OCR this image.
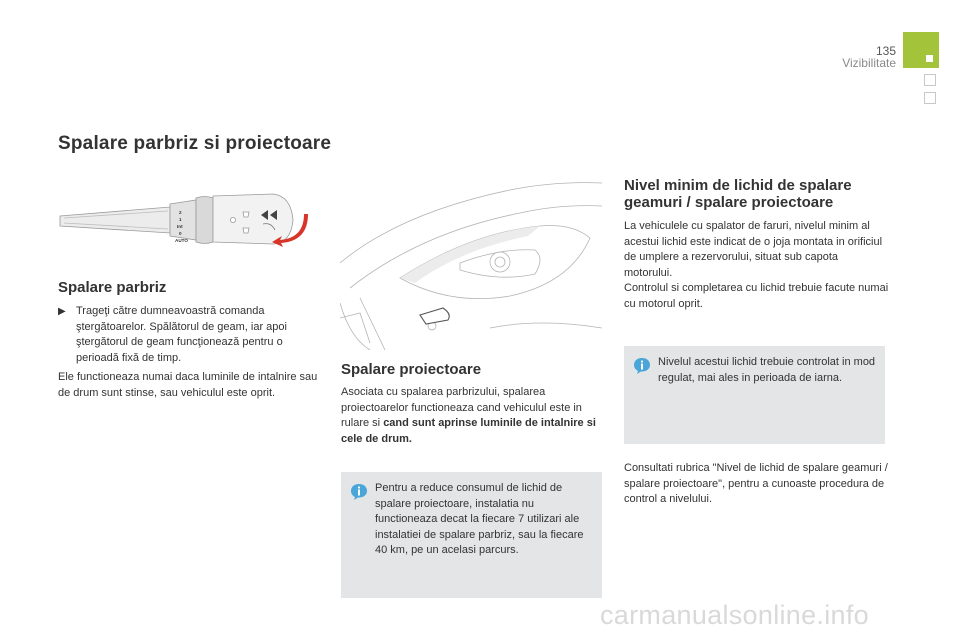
135
Vizibilitate
Spalare parbriz si proiectoare
2
1
Int
0
AUTO
Spalare parbriz
▶ Trageţi către dumneavoastră comanda ştergătoarelor. Spălătorul de geam, iar apoi ştergătorul de geam funcţionează pentru o perioadă fixă de timp.
Ele functioneaza numai daca luminile de intalnire sau de drum sunt stinse, sau vehiculul este oprit.
Spalare proiectoare
Asociata cu spalarea parbrizului, spalarea proiectoarelor functioneaza cand vehiculul este in rulare si cand sunt aprinse luminile de intalnire si cele de drum.
Pentru a reduce consumul de lichid de spalare proiectoare, instalatia nu functioneaza decat la fiecare 7 utilizari ale instalatiei de spalare parbriz, sau la fiecare 40 km, pe un acelasi parcurs.
Nivel minim de lichid de spalare geamuri / spalare proiectoare
La vehiculele cu spalator de faruri, nivelul minim al acestui lichid este indicat de o joja montata in orificiul de umplere a rezervorului, situat sub capota motorului.
Controlul si completarea cu lichid trebuie facute numai cu motorul oprit.
Nivelul acestui lichid trebuie controlat in mod regulat, mai ales in perioada de iarna.
Consultati rubrica "Nivel de lichid de spalare geamuri / spalare proiectoare", pentru a cunoaste procedura de control a nivelului.
carmanualsonline.info
